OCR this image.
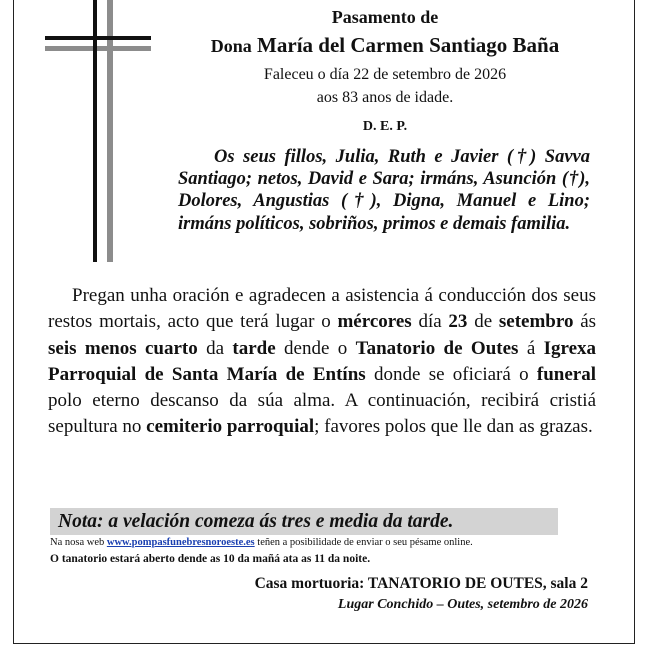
Pasamento de
Dona María del Carmen Santiago Baña
Faleceu o día 22 de setembro de 2026
aos 83 anos de idade.
D. E. P.
Os seus fillos, Julia, Ruth e Javier (†) Savva Santiago; netos, David e Sara; irmáns, Asunción (†), Dolores, Angustias (†), Digna, Manuel e Lino; irmáns políticos, sobriños, primos e demais familia.
Pregan unha oración e agradecen a asistencia á conducción dos seus restos mortais, acto que terá lugar o mércores día 23 de setembro ás seis menos cuarto da tarde dende o Tanatorio de Outes á Igrexa Parroquial de Santa María de Entíns donde se oficiará o funeral polo eterno descanso da súa alma. A continuación, recibirá cristiá sepultura no cemiterio parroquial; favores polos que lle dan as grazas.
Nota: a velación comeza ás tres e media da tarde.
Na nosa web www.pompasfunebresnoroeste.es teñen a posibilidade de enviar o seu pésame online.
O tanatorio estará aberto dende as 10 da mañá ata as 11 da noite.
Casa mortuoria: TANATORIO DE OUTES, sala 2
Lugar Conchido – Outes, setembro de 2026
